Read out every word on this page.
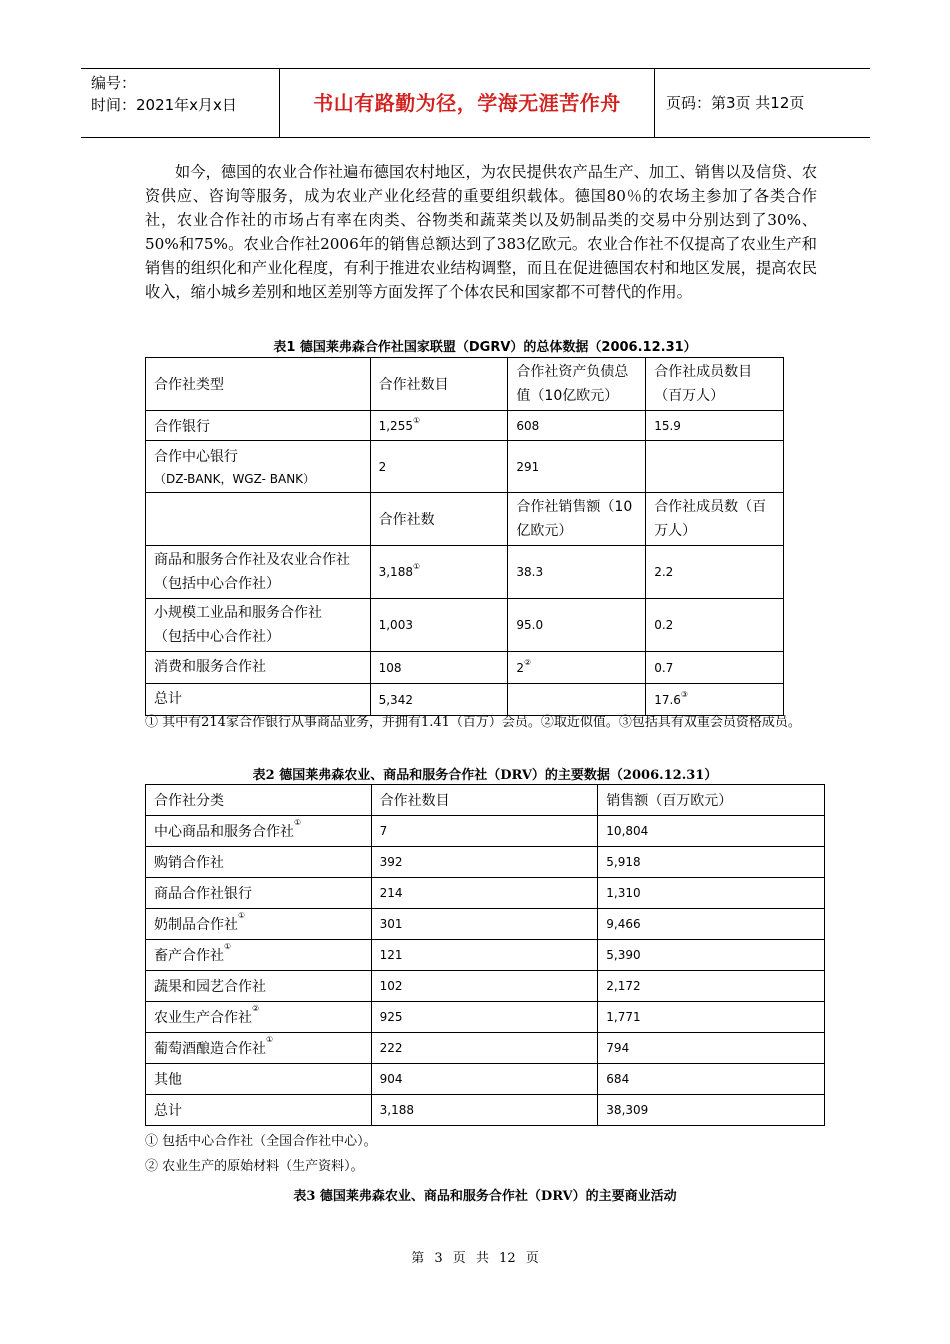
编号：
时间：2021年x月x日	书山有路勤为径，学海无涯苦作舟	页码：第3页 共12页

如今，德国的农业合作社遍布德国农村地区，为农民提供农产品生产、加工、销售以及信贷、农资供应、咨询等服务，成为农业产业化经营的重要组织载体。德国80％的农场主参加了各类合作社，农业合作社的市场占有率在肉类、谷物类和蔬菜类以及奶制品类的交易中分别达到了30%、50%和75%。农业合作社2006年的销售总额达到了383亿欧元。农业合作社不仅提高了农业生产和销售的组织化和产业化程度，有利于推进农业结构调整，而且在促进德国农村和地区发展，提高农民收入，缩小城乡差别和地区差别等方面发挥了个体农民和国家都不可替代的作用。

表1 德国莱弗森合作社国家联盟（DGRV）的总体数据（2006.12.31）

合作社类型	合作社数目	合作社资产负债总值（10亿欧元）	合作社成员数目（百万人）
合作银行	1,255①	608	15.9

合作中心银行
（DZ-BANK，WGZ- BANK）	2	291	
	合作社数	合作社销售额（10亿欧元）	合作社成员数（百万人）

商品和服务合作社及农业合作社
（包括中心合作社）	3,188①	38.3	2.2

小规模工业品和服务合作社
（包括中心合作社）	1,003	95.0	0.2
消费和服务合作社	108	2②	0.7
总计	5,342		17.6③

① 其中有214家合作银行从事商品业务，并拥有1.41（百万）会员。②取近似值。③包括具有双重会员资格成员。

表2 德国莱弗森农业、商品和服务合作社（DRV）的主要数据（2006.12.31）

合作社分类	合作社数目	销售额（百万欧元）
中心商品和服务合作社①	7	10,804
购销合作社	392	5,918
商品合作社银行	214	1,310
奶制品合作社①	301	9,466
畜产合作社①	121	5,390
蔬果和园艺合作社	102	2,172
农业生产合作社②	925	1,771
葡萄酒酿造合作社①	222	794
其他	904	684
总计	3,188	38,309

① 包括中心合作社（全国合作社中心）。

② 农业生产的原始材料（生产资料）。

表3 德国莱弗森农业、商品和服务合作社（DRV）的主要商业活动

第 3 页 共 12 页
